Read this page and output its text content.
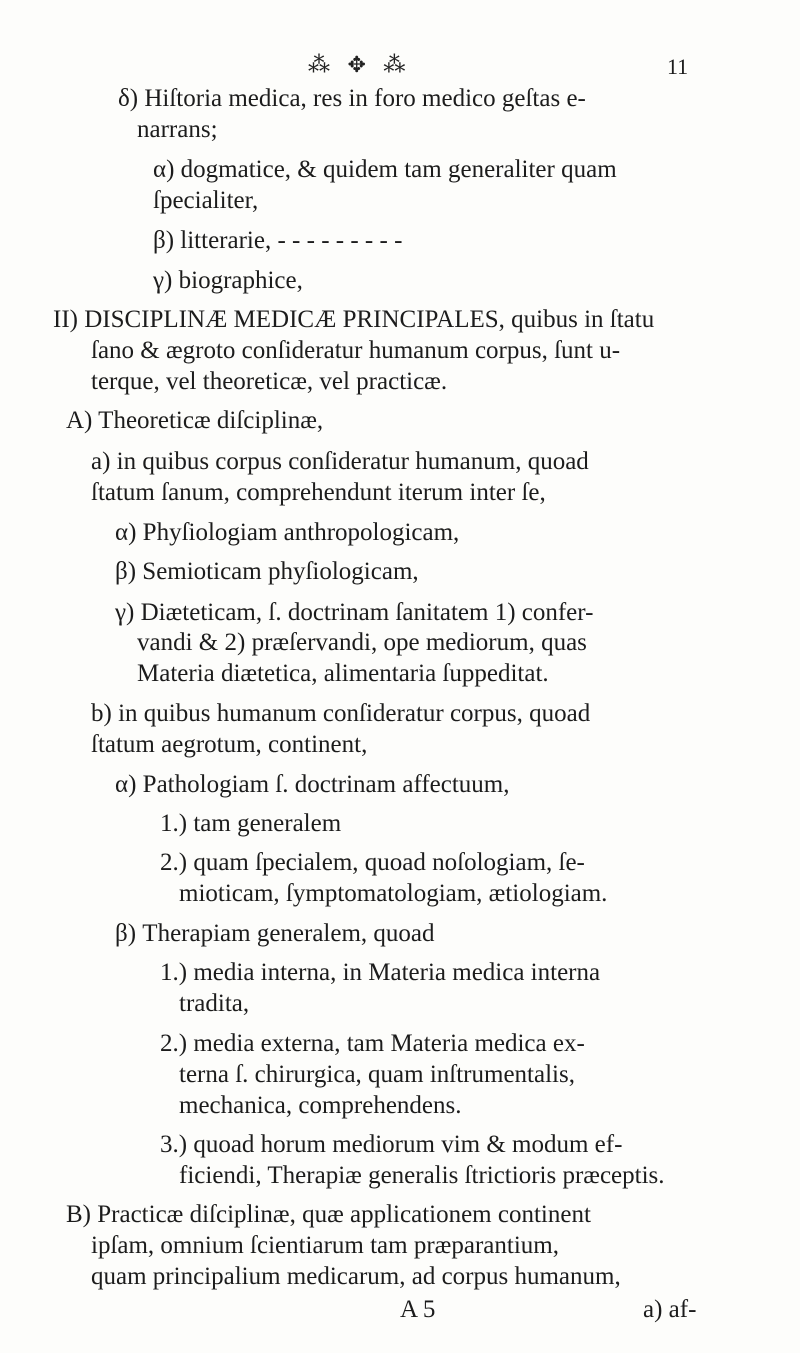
⁂ ✥ ⁂	11
δ) Hiſtoria medica, res in foro medico geſtas e-
narrans;
α) dogmatice, & quidem tam generaliter quam
ſpecialiter,
β) litterarie, - - - - - - - - -
γ) biographice,
II) DISCIPLINÆ MEDICÆ PRINCIPALES, quibus in ſtatu
ſano & ægroto conſideratur humanum corpus, ſunt u-
terque, vel theoreticæ, vel practicæ.
A) Theoreticæ diſciplinæ,
a) in quibus corpus conſideratur humanum, quoad
ſtatum ſanum, comprehendunt iterum inter ſe,
α) Phyſiologiam anthropologicam,
β) Semioticam phyſiologicam,
γ) Diæteticam, ſ. doctrinam ſanitatem 1) confer-
vandi & 2) præſervandi, ope mediorum, quas
Materia diætetica, alimentaria ſuppeditat.
b) in quibus humanum conſideratur corpus, quoad
ſtatum aegrotum, continent,
α) Pathologiam ſ. doctrinam affectuum,
1.) tam generalem
2.) quam ſpecialem, quoad noſologiam, ſe-
mioticam, ſymptomatologiam, ætiologiam.
β) Therapiam generalem, quoad
1.) media interna, in Materia medica interna
tradita,
2.) media externa, tam Materia medica ex-
terna ſ. chirurgica, quam inſtrumentalis,
mechanica, comprehendens.
3.) quoad horum mediorum vim & modum ef-
ficiendi, Therapiæ generalis ſtrictioris præceptis.
B) Practicæ diſciplinæ, quæ applicationem continent
ipſam, omnium ſcientiarum tam præparantium,
quam principalium medicarum, ad corpus humanum,
A 5	a) af-
